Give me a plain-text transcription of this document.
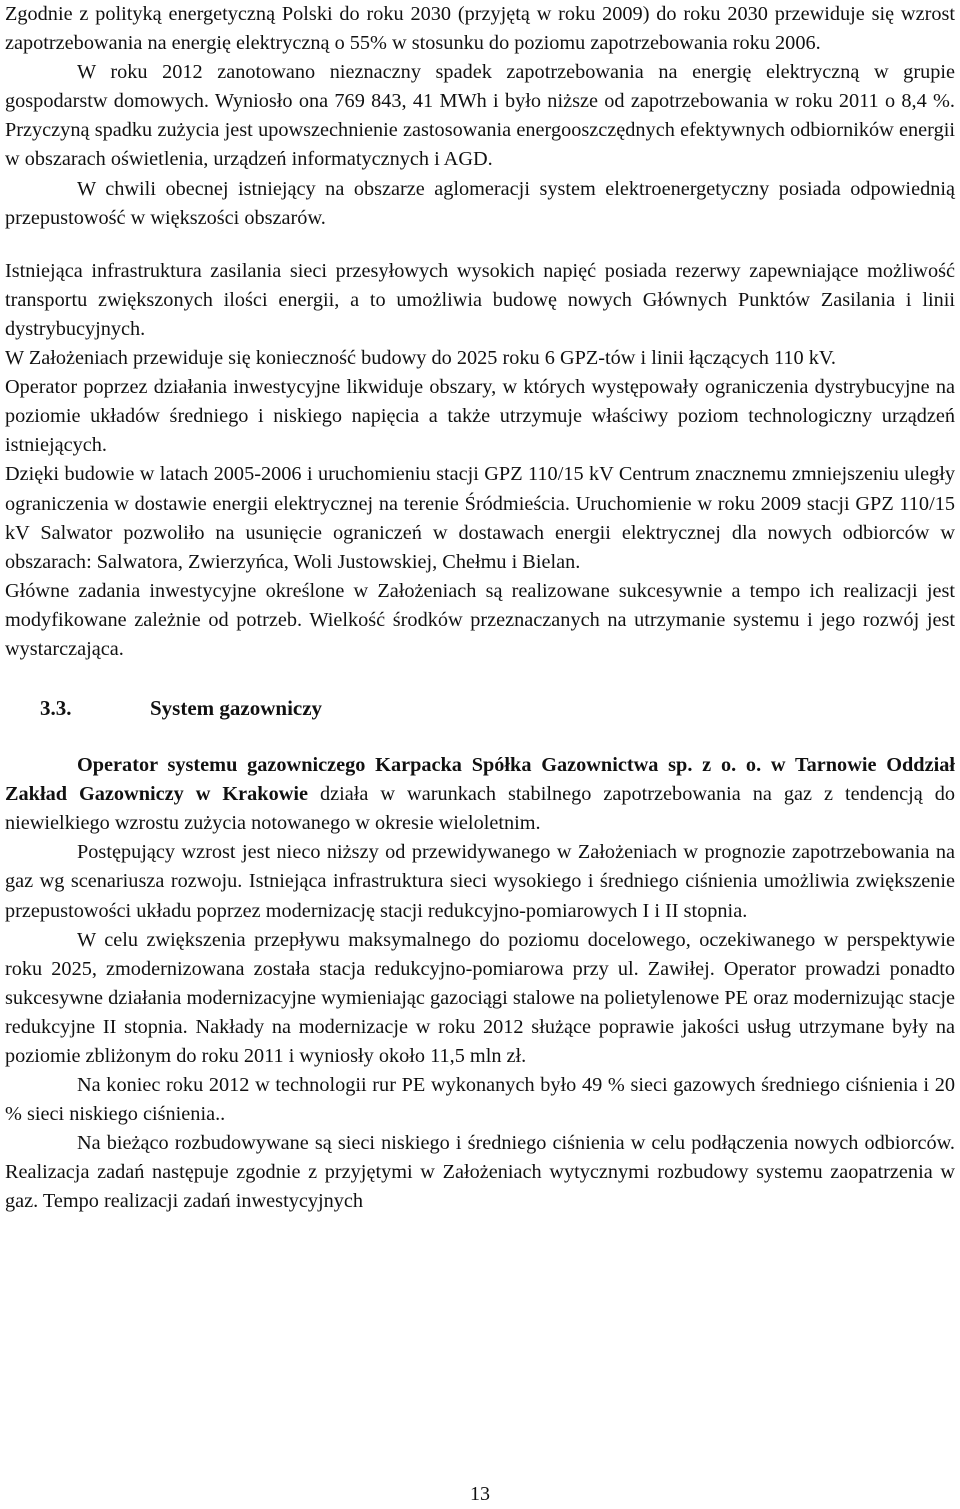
Zgodnie z polityką energetyczną Polski do roku 2030 (przyjętą w roku 2009) do roku 2030 przewiduje się wzrost zapotrzebowania na energię elektryczną o 55% w stosunku do poziomu zapotrzebowania roku 2006.

W roku 2012 zanotowano nieznaczny spadek zapotrzebowania na energię elektryczną w grupie gospodarstw domowych. Wyniosło ona 769 843, 41 MWh i było niższe od zapotrzebowania w roku 2011 o 8,4 %. Przyczyną spadku zużycia jest upowszechnienie zastosowania energooszczędnych efektywnych odbiorników energii w obszarach oświetlenia, urządzeń informatycznych i AGD.

W chwili obecnej istniejący na obszarze aglomeracji system elektroenergetyczny posiada odpowiednią przepustowość w większości obszarów.

Istniejąca infrastruktura zasilania sieci przesyłowych wysokich napięć posiada rezerwy zapewniające możliwość transportu zwiększonych ilości energii, a to umożliwia budowę nowych Głównych Punktów Zasilania i linii dystrybucyjnych.

W Założeniach przewiduje się konieczność budowy do 2025 roku 6 GPZ-tów i linii łączących 110 kV.

Operator poprzez działania inwestycyjne likwiduje obszary, w których występowały ograniczenia dystrybucyjne na poziomie układów średniego i niskiego napięcia a także utrzymuje właściwy poziom technologiczny urządzeń istniejących.

Dzięki budowie w latach 2005-2006 i uruchomieniu stacji GPZ 110/15 kV Centrum znacznemu zmniejszeniu uległy ograniczenia w dostawie energii elektrycznej na terenie Śródmieścia. Uruchomienie w roku 2009 stacji GPZ 110/15 kV Salwator pozwoliło na usunięcie ograniczeń w dostawach energii elektrycznej dla nowych odbiorców w obszarach: Salwatora, Zwierzyńca, Woli Justowskiej, Chełmu i Bielan.

Główne zadania inwestycyjne określone w Założeniach są realizowane sukcesywnie a tempo ich realizacji jest modyfikowane zależnie od potrzeb. Wielkość środków przeznaczanych na utrzymanie systemu i jego rozwój jest wystarczająca.

3.3.	System gazowniczy

Operator systemu gazowniczego Karpacka Spółka Gazownictwa sp. z o. o. w Tarnowie Oddział Zakład Gazowniczy w Krakowie działa w warunkach stabilnego zapotrzebowania na gaz z tendencją do niewielkiego wzrostu zużycia notowanego w okresie wieloletnim.

Postępujący wzrost jest nieco niższy od przewidywanego w Założeniach w prognozie zapotrzebowania na gaz wg scenariusza rozwoju. Istniejąca infrastruktura sieci wysokiego i średniego ciśnienia umożliwia zwiększenie przepustowości układu poprzez modernizację stacji redukcyjno-pomiarowych I i II stopnia.

W celu zwiększenia przepływu maksymalnego do poziomu docelowego, oczekiwanego w perspektywie roku 2025, zmodernizowana została stacja redukcyjno-pomiarowa przy ul. Zawiłej. Operator prowadzi ponadto sukcesywne działania modernizacyjne wymieniając gazociągi stalowe na polietylenowe PE oraz modernizując stacje redukcyjne II stopnia. Nakłady na modernizacje w roku 2012 służące poprawie jakości usług utrzymane były na poziomie zbliżonym do roku 2011 i wyniosły około 11,5 mln zł.

Na koniec roku 2012 w technologii rur PE wykonanych było 49 % sieci gazowych średniego ciśnienia i 20 % sieci niskiego ciśnienia..

Na bieżąco rozbudowywane są sieci niskiego i średniego ciśnienia w celu podłączenia nowych odbiorców. Realizacja zadań następuje zgodnie z przyjętymi w Założeniach wytycznymi rozbudowy systemu zaopatrzenia w gaz. Tempo realizacji zadań inwestycyjnych

13
